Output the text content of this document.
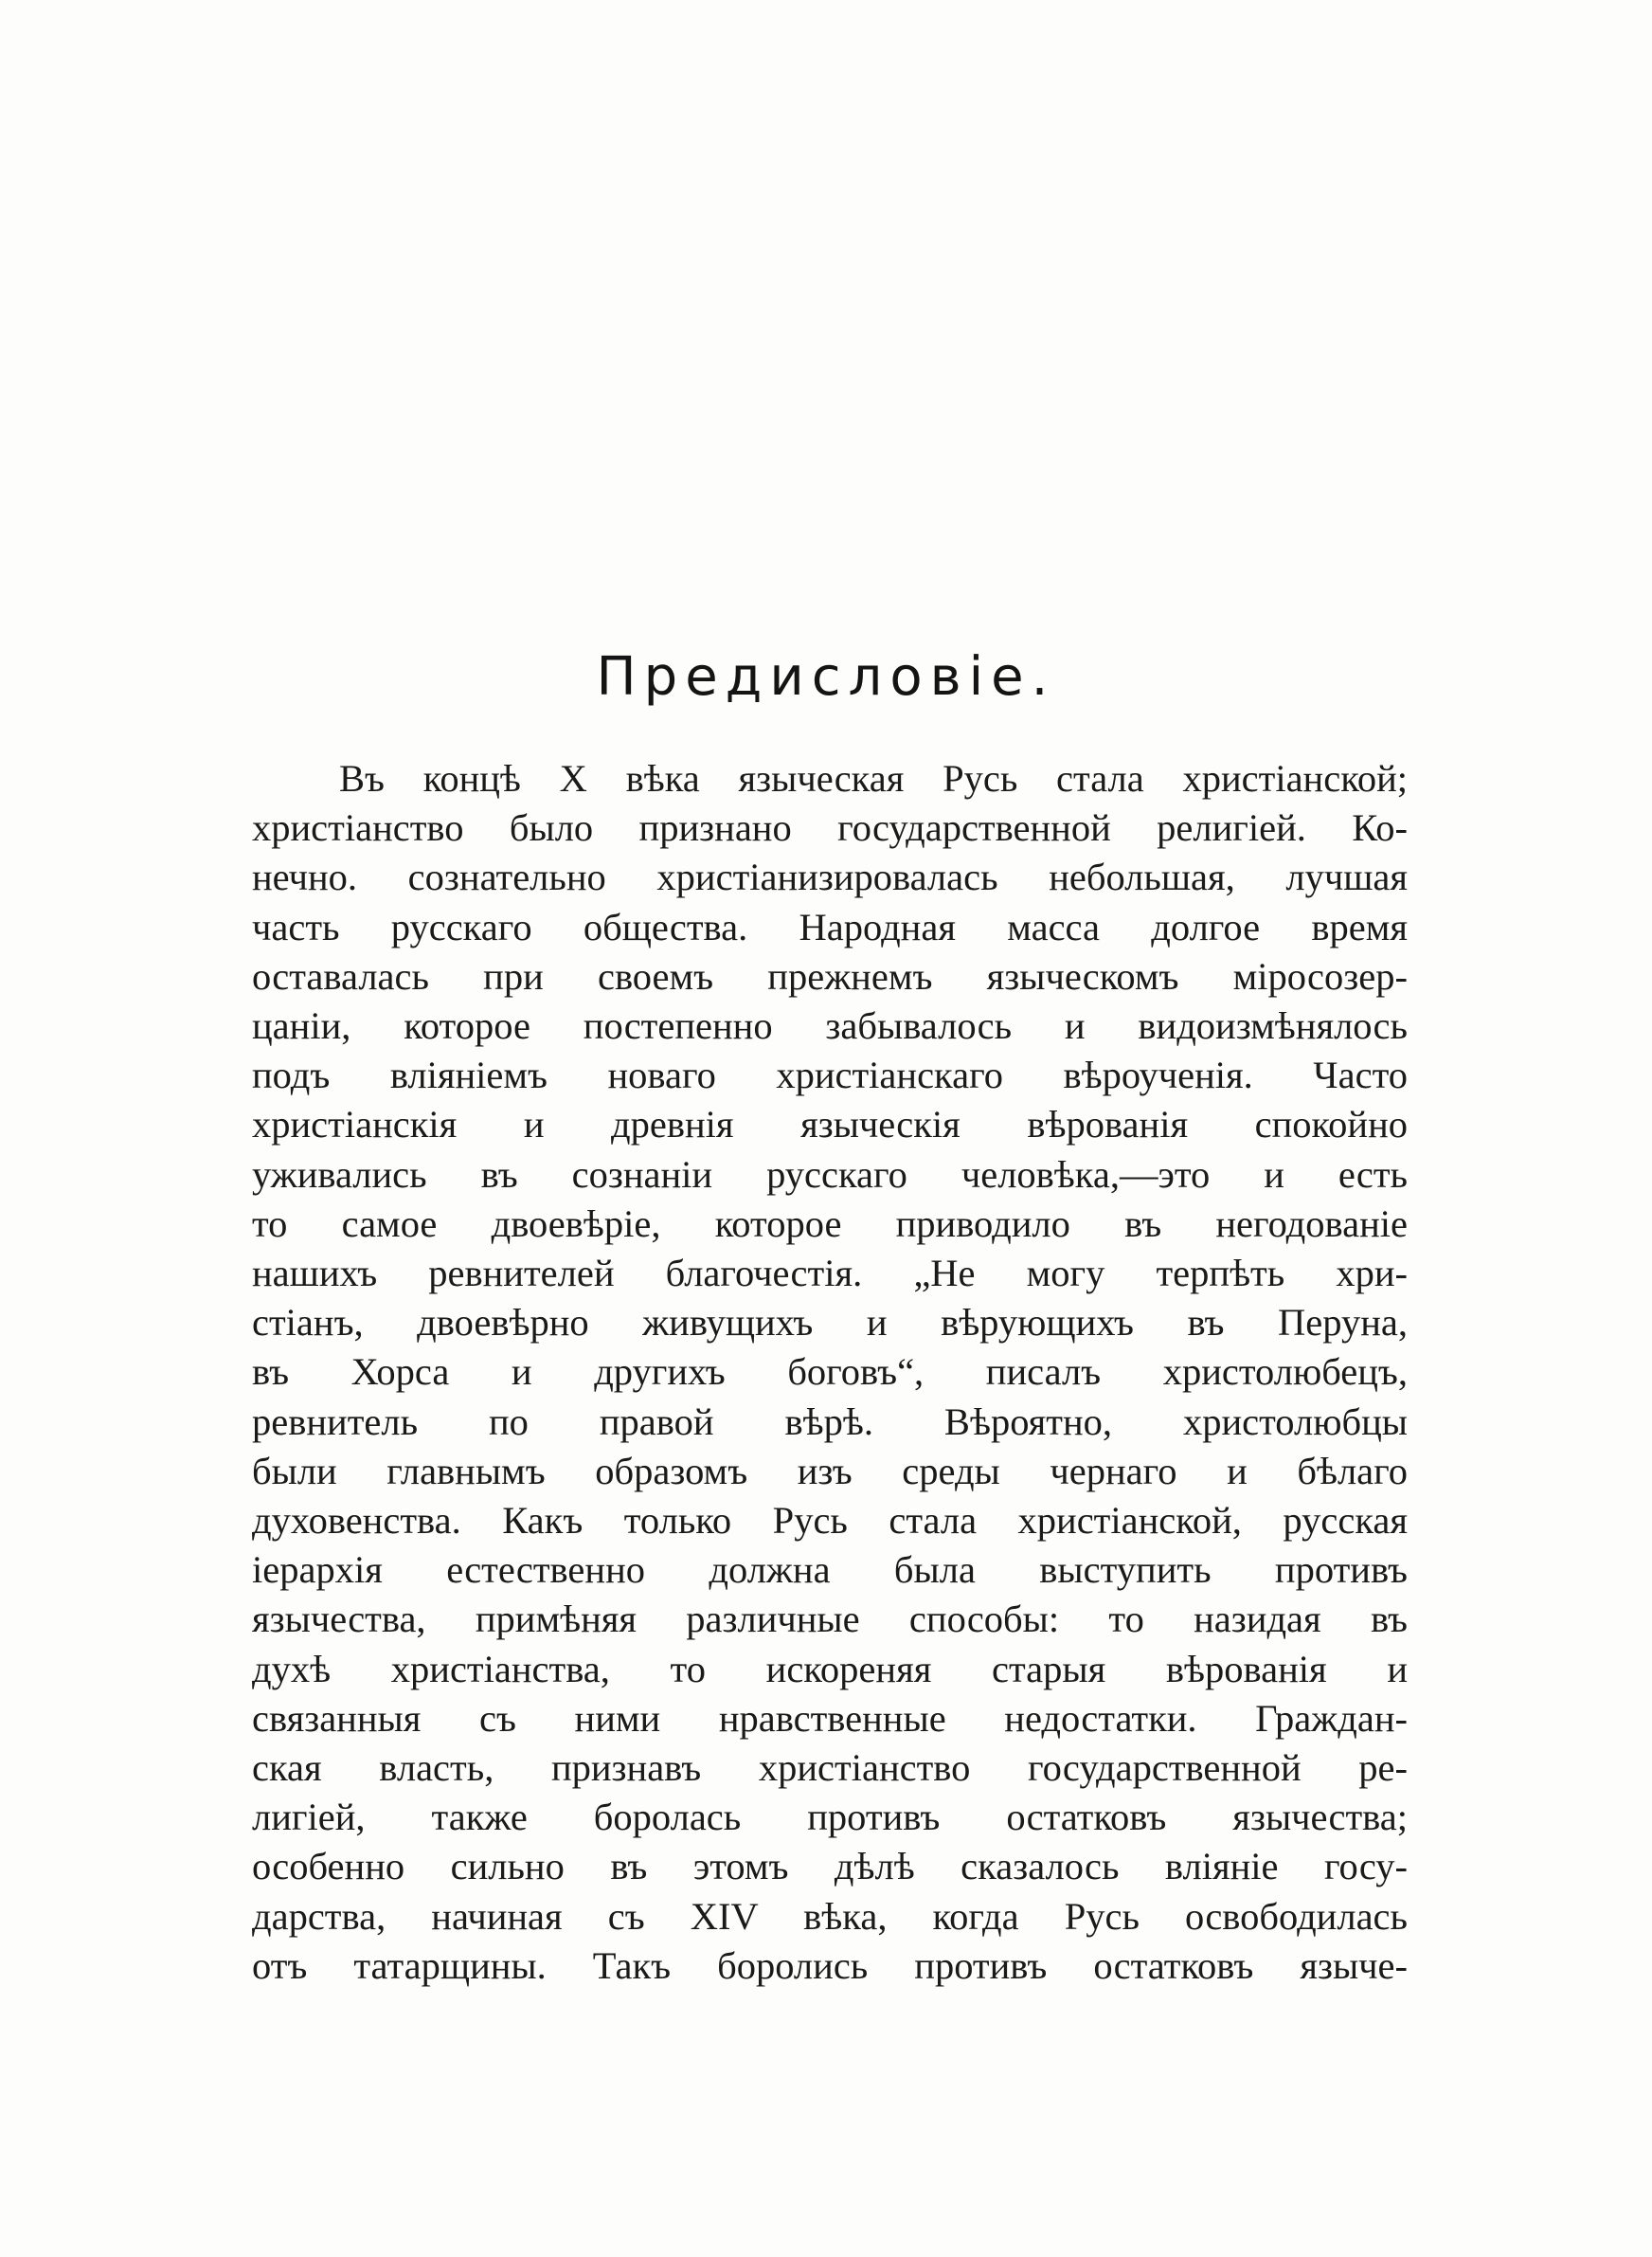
Предисловіе.
Въ концѣ X вѣка языческая Русь стала христіанской;
христіанство было признано государственной религіей. Ко-
нечно. сознательно христіанизировалась небольшая, лучшая
часть русскаго общества. Народная масса долгое время
оставалась при своемъ прежнемъ языческомъ міросозер-
цаніи, которое постепенно забывалось и видоизмѣнялось
подъ вліяніемъ новаго христіанскаго вѣроученія. Часто
христіанскія и древнія языческія вѣрованія спокойно
уживались въ сознаніи русскаго человѣка,—это и есть
то самое двоевѣріе, которое приводило въ негодованіе
нашихъ ревнителей благочестія. „Не могу терпѣть хри-
стіанъ, двоевѣрно живущихъ и вѣрующихъ въ Перуна,
въ Хорса и другихъ боговъ“, писалъ христолюбецъ,
ревнитель по правой вѣрѣ. Вѣроятно, христолюбцы
были главнымъ образомъ изъ среды чернаго и бѣлаго
духовенства. Какъ только Русь стала христіанской, русская
іерархія естественно должна была выступить противъ
язычества, примѣняя различные способы: то назидая въ
духѣ христіанства, то искореняя старыя вѣрованія и
связанныя съ ними нравственные недостатки. Граждан-
ская власть, признавъ христіанство государственной ре-
лигіей, также боролась противъ остатковъ язычества;
особенно сильно въ этомъ дѣлѣ сказалось вліяніе госу-
дарства, начиная съ XIV вѣка, когда Русь освободилась
отъ татарщины. Такъ боролись противъ остатковъ языче-
